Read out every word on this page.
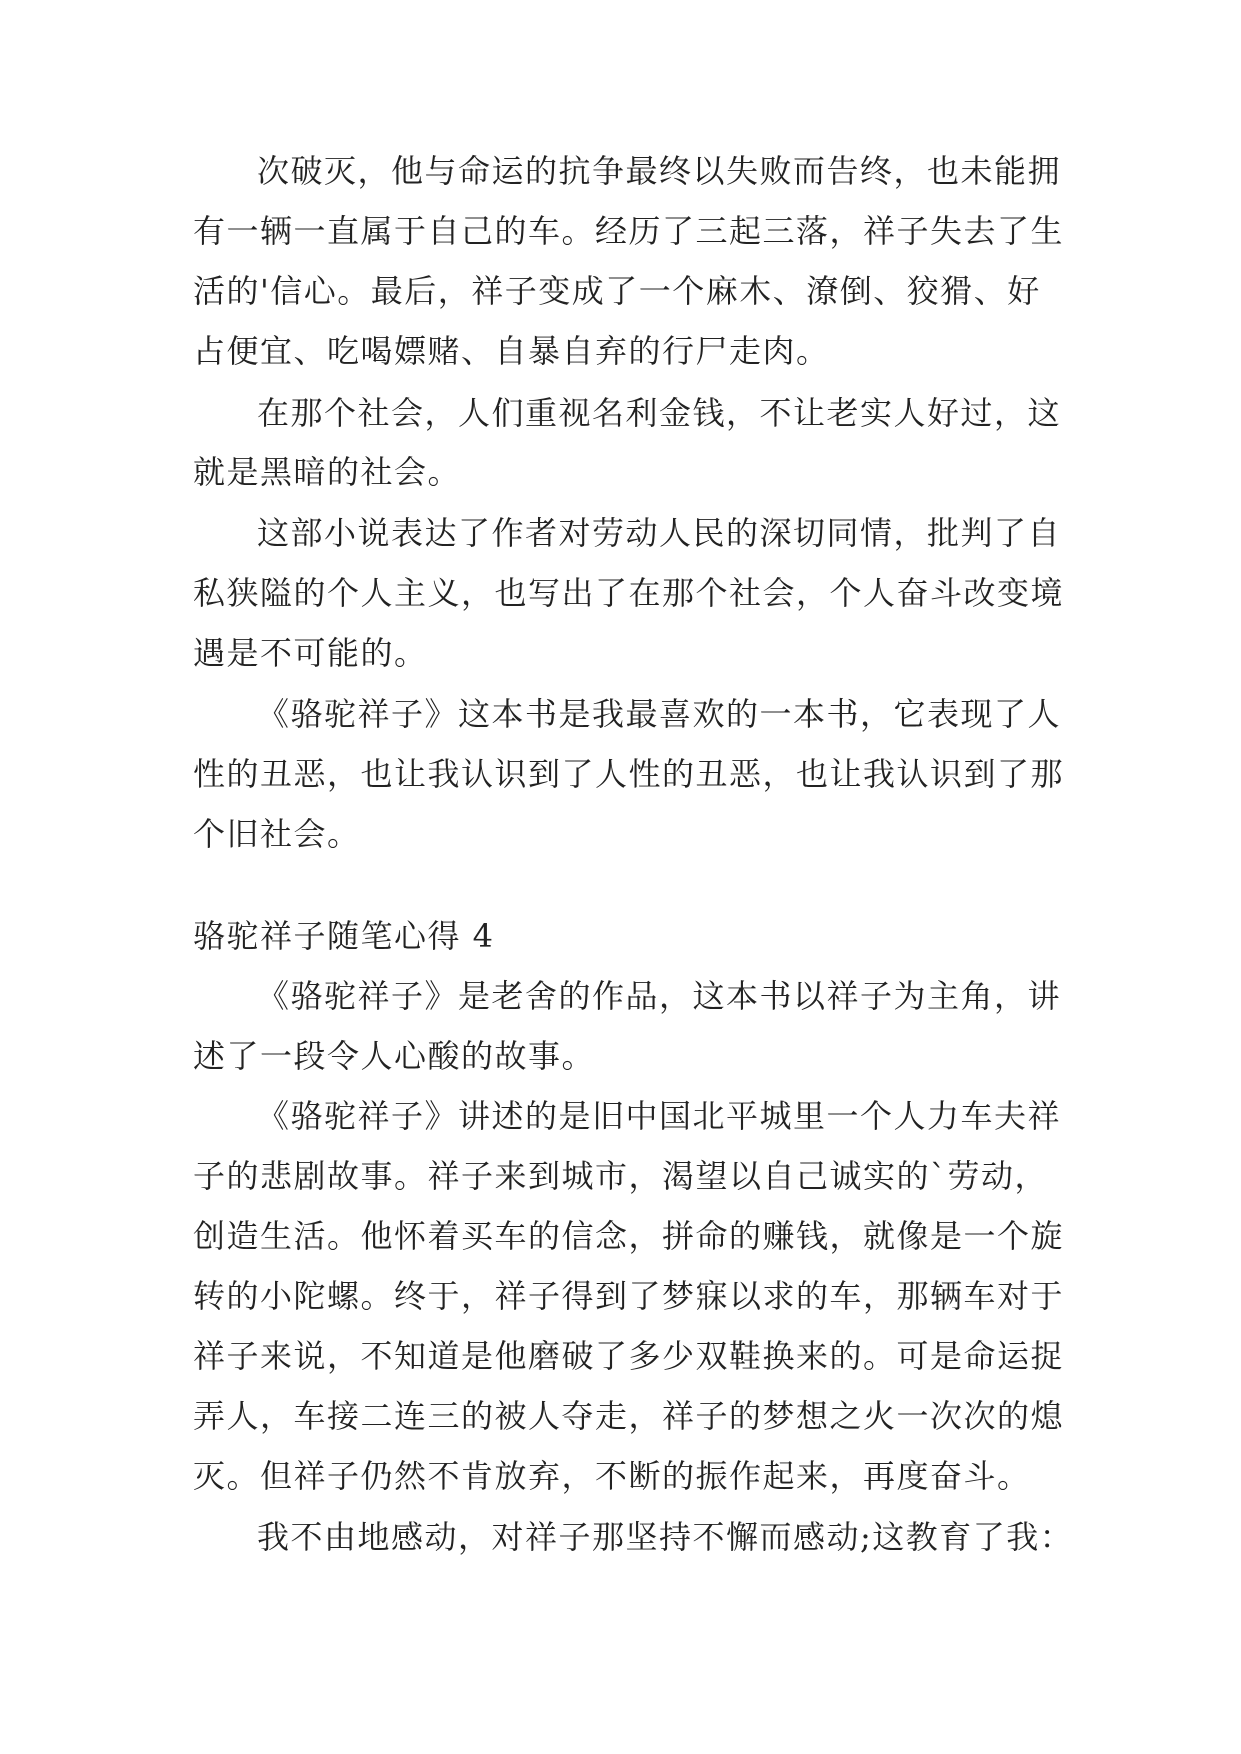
次破灭，他与命运的抗争最终以失败而告终，也未能拥
有一辆一直属于自己的车。经历了三起三落，祥子失去了生
活的'信心。最后，祥子变成了一个麻木、潦倒、狡猾、好
占便宜、吃喝嫖赌、自暴自弃的行尸走肉。
在那个社会，人们重视名利金钱，不让老实人好过，这
就是黑暗的社会。
这部小说表达了作者对劳动人民的深切同情，批判了自
私狭隘的个人主义，也写出了在那个社会，个人奋斗改变境
遇是不可能的。
《骆驼祥子》这本书是我最喜欢的一本书，它表现了人
性的丑恶，也让我认识到了人性的丑恶，也让我认识到了那
个旧社会。
骆驼祥子随笔心得 4
《骆驼祥子》是老舍的作品，这本书以祥子为主角，讲
述了一段令人心酸的故事。
《骆驼祥子》讲述的是旧中国北平城里一个人力车夫祥
子的悲剧故事。祥子来到城市，渴望以自己诚实的`劳动，
创造生活。他怀着买车的信念，拼命的赚钱，就像是一个旋
转的小陀螺。终于，祥子得到了梦寐以求的车，那辆车对于
祥子来说，不知道是他磨破了多少双鞋换来的。可是命运捉
弄人，车接二连三的被人夺走，祥子的梦想之火一次次的熄
灭。但祥子仍然不肯放弃，不断的振作起来，再度奋斗。
我不由地感动，对祥子那坚持不懈而感动;这教育了我：
